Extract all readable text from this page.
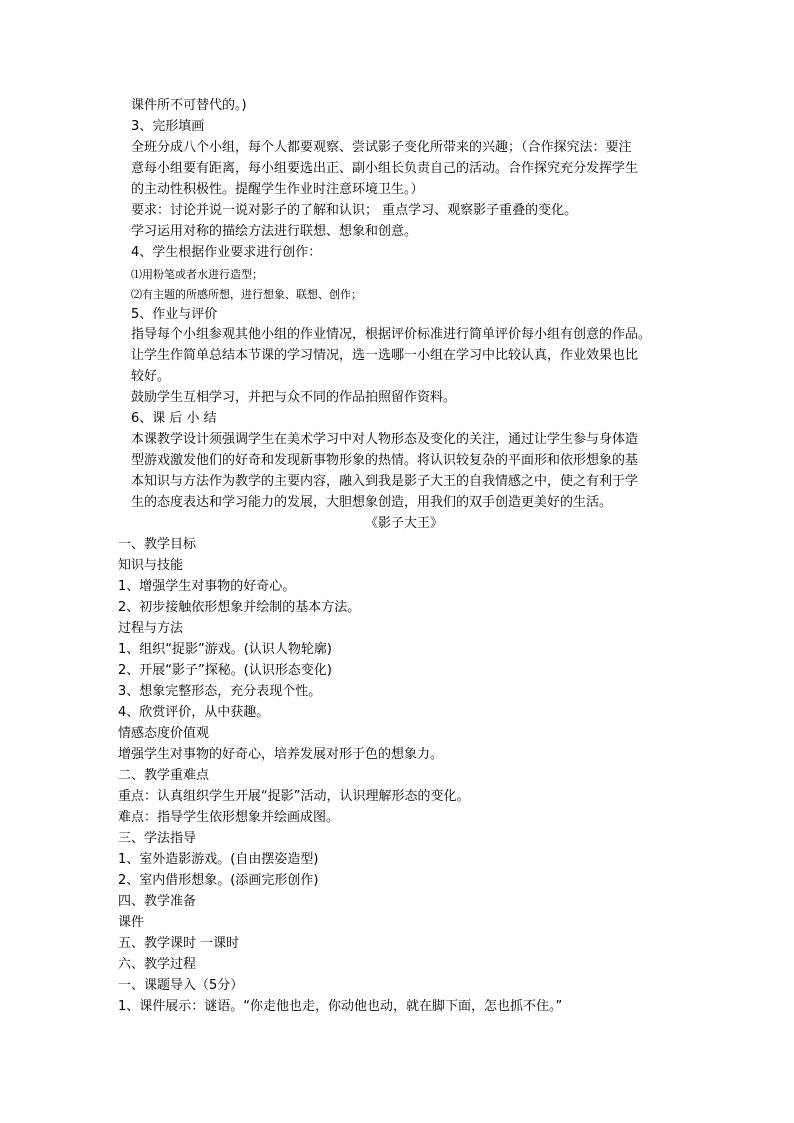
课件所不可替代的。)
3、完形填画
全班分成八个小组，每个人都要观察、尝试影子变化所带来的兴趣；（合作探究法：要注
意每小组要有距离，每小组要选出正、副小组长负责自己的活动。合作探究充分发挥学生
的主动性积极性。提醒学生作业时注意环境卫生。）
要求：讨论并说一说对影子的了解和认识； 重点学习、观察影子重叠的变化。
学习运用对称的描绘方法进行联想、想象和创意。
4、学生根据作业要求进行创作：
⑴用粉笔或者水进行造型；
⑵有主题的所感所想，进行想象、联想、创作；
5、作业与评价
指导每个小组参观其他小组的作业情况，根据评价标准进行简单评价每小组有创意的作品。
让学生作简单总结本节课的学习情况，选一选哪一小组在学习中比较认真，作业效果也比
较好。
鼓励学生互相学习，并把与众不同的作品拍照留作资料。
6、课 后 小 结
本课教学设计须强调学生在美术学习中对人物形态及变化的关注，通过让学生参与身体造
型游戏激发他们的好奇和发现新事物形象的热情。将认识较复杂的平面形和依形想象的基
本知识与方法作为教学的主要内容，融入到我是影子大王的自我情感之中，使之有利于学
生的态度表达和学习能力的发展，大胆想象创造，用我们的双手创造更美好的生活。
《影子大王》
一、教学目标
知识与技能
1、增强学生对事物的好奇心。
2、初步接触依形想象并绘制的基本方法。
过程与方法
1、组织“捉影”游戏。(认识人物轮廓)
2、开展“影子”探秘。(认识形态变化)
3、想象完整形态，充分表现个性。
4、欣赏评价，从中获趣。
情感态度价值观
增强学生对事物的好奇心，培养发展对形于色的想象力。
二、教学重难点
重点：认真组织学生开展“捉影”活动，认识理解形态的变化。
难点：指导学生依形想象并绘画成图。
三、学法指导
1、室外造影游戏。(自由摆姿造型)
2、室内借形想象。(添画完形创作)
四、教学准备
课件
五、教学课时 一课时
六、教学过程
一、课题导入（5分）
1、课件展示：谜语。“你走他也走，你动他也动，就在脚下面，怎也抓不住。”
